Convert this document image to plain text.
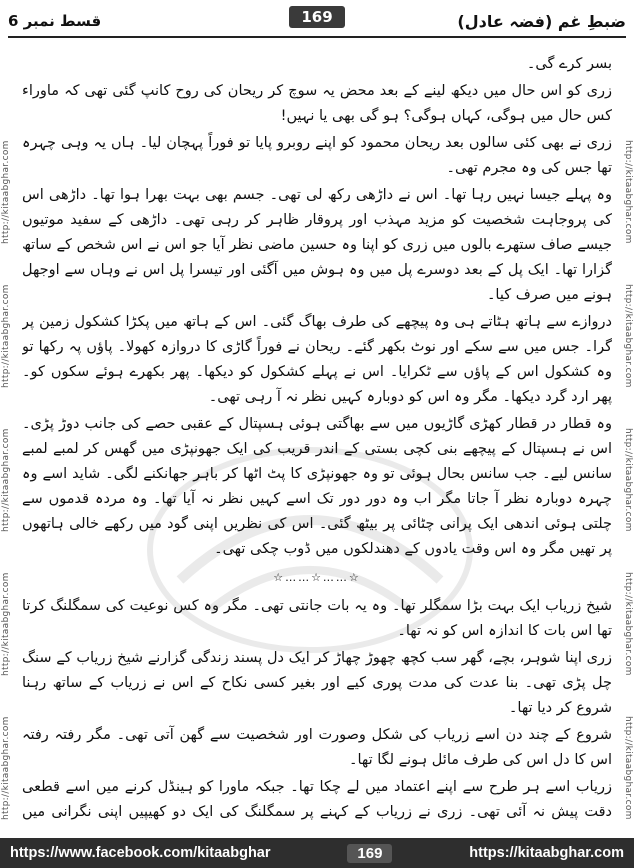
قسط نمبر 6	169	ضبطِ غم (فضہ عادل)
http://kitaabghar.com
http://kitaabghar.com
http://kitaabghar.com
http://kitaabghar.com
http://kitaabghar.com	http://kitaabghar.com
http://kitaabghar.com
http://kitaabghar.com
http://kitaabghar.com
http://kitaabghar.com

بسر کرے گی۔

زری کو اس حال میں دیکھ لینے کے بعد محض یہ سوچ کر ریحان کی روح کانپ گئی تھی کہ ماوراء کس حال میں ہوگی، کہاں ہوگی؟ ہو گی بھی یا نہیں!

زری نے بھی کئی سالوں بعد ریحان محمود کو اپنے روبرو پایا تو فوراً پہچان لیا۔ ہاں یہ وہی چہرہ تھا جس کی وہ مجرم تھی۔

وہ پہلے جیسا نہیں رہا تھا۔ اس نے داڑھی رکھ لی تھی۔ جسم بھی بہت بھرا ہوا تھا۔ داڑھی اس کی پروجاہت شخصیت کو مزید مہذب اور پروقار ظاہر کر رہی تھی۔ داڑھی کے سفید موتیوں جیسے صاف ستھرے بالوں میں زری کو اپنا وہ حسین ماضی نظر آیا جو اس نے اس شخص کے ساتھ گزارا تھا۔ ایک پل کے بعد دوسرے پل میں وہ ہوش میں آگئی اور تیسرا پل اس نے وہاں سے اوجھل ہونے میں صرف کیا۔

دروازے سے ہاتھ ہٹاتے ہی وہ پیچھے کی طرف بھاگ گئی۔ اس کے ہاتھ میں پکڑا کشکول زمین پر گرا۔ جس میں سے سکے اور نوٹ بکھر گئے۔ ریحان نے فوراً گاڑی کا دروازہ کھولا۔ پاؤں پہ رکھا تو وہ کشکول اس کے پاؤں سے ٹکرایا۔ اس نے پہلے کشکول کو دیکھا۔ پھر بکھرے ہوئے سکوں کو۔ پھر ارد گرد دیکھا۔ مگر وہ اس کو دوبارہ کہیں نظر نہ آ رہی تھی۔

وہ قطار در قطار کھڑی گاڑیوں میں سے بھاگتی ہوئی ہسپتال کے عقبی حصے کی جانب دوڑ پڑی۔ اس نے ہسپتال کے پیچھے بنی کچی بستی کے اندر قریب کی ایک جھونپڑی میں گھس کر لمبے لمبے سانس لیے۔ جب سانس بحال ہوئی تو وہ جھونپڑی کا پٹ اٹھا کر باہر جھانکنے لگی۔ شاید اسے وہ چہرہ دوبارہ نظر آ جاتا مگر اب وہ دور دور تک اسے کہیں نظر نہ آیا تھا۔ وہ مردہ قدموں سے چلتی ہوئی اندھی ایک پرانی چٹائی پر بیٹھ گئی۔ اس کی نظریں اپنی گود میں رکھے خالی ہاتھوں پر تھیں مگر وہ اس وقت یادوں کے دھندلکوں میں ڈوب چکی تھی۔

☆……☆……☆

شیخ زریاب ایک بہت بڑا سمگلر تھا۔ وہ یہ بات جانتی تھی۔ مگر وہ کس نوعیت کی سمگلنگ کرتا تھا اس بات کا اندازہ اس کو نہ تھا۔

زری اپنا شوہر، بچے، گھر سب کچھ چھوڑ چھاڑ کر ایک دل پسند زندگی گزارنے شیخ زریاب کے سنگ چل پڑی تھی۔ بنا عدت کی مدت پوری کیے اور بغیر کسی نکاح کے اس نے زریاب کے ساتھ رہنا شروع کر دیا تھا۔

شروع کے چند دن اسے زریاب کی شکل وصورت اور شخصیت سے گھن آتی تھی۔ مگر رفتہ رفتہ اس کا دل اس کی طرف مائل ہونے لگا تھا۔

زریاب اسے ہر طرح سے اپنے اعتماد میں لے چکا تھا۔ جبکہ ماورا کو ہینڈل کرنے میں اسے قطعی دقت پیش نہ آئی تھی۔ زری نے زریاب کے کہنے پر سمگلنگ کی ایک دو کھیپیں اپنی نگرانی میں

https://www.facebook.com/kitaabghar	169	https://kitaabghar.com
